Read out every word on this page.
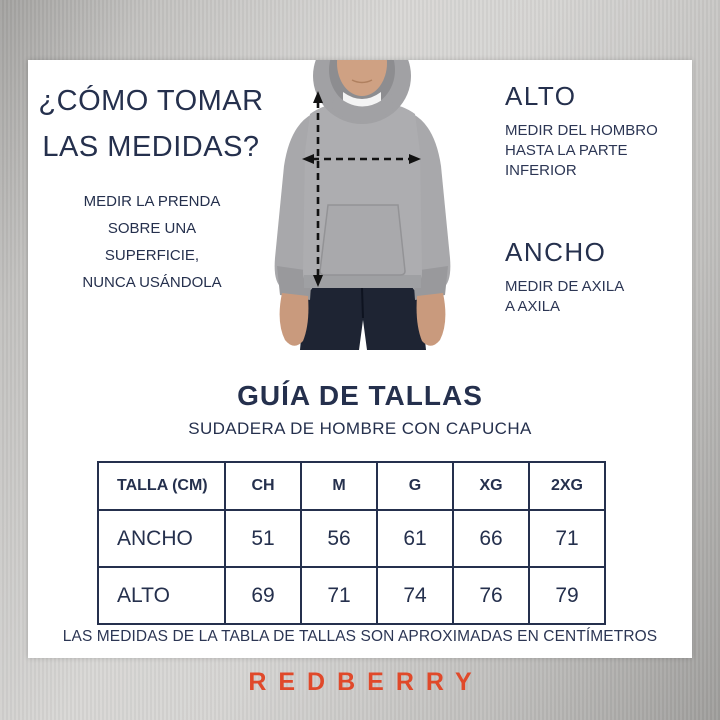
¿CÓMO TOMAR
LAS MEDIDAS?
MEDIR LA PRENDA
SOBRE UNA
SUPERFICIE,
NUNCA USÁNDOLA
ALTO
MEDIR DEL HOMBRO
HASTA LA PARTE
INFERIOR
ANCHO
MEDIR DE AXILA
A AXILA
GUÍA DE TALLAS
SUDADERA DE HOMBRE CON CAPUCHA
TALLA (CM)	CH	M	G	XG	2XG
ANCHO	51	56	61	66	71
ALTO	69	71	74	76	79
LAS MEDIDAS DE LA TABLA DE TALLAS SON APROXIMADAS EN CENTÍMETROS
REDBERRY
